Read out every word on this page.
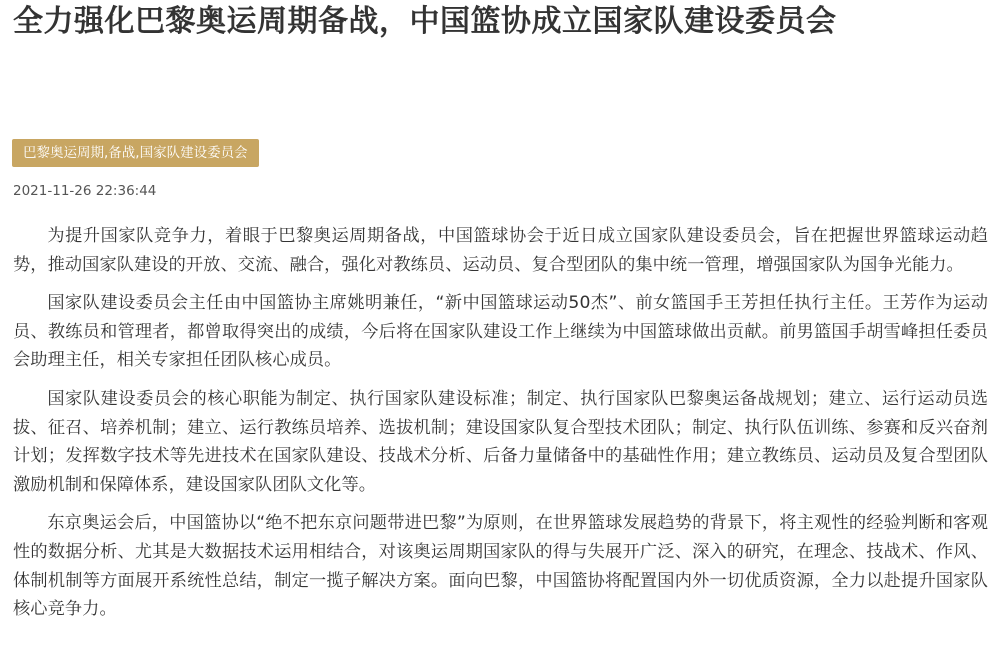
全力强化巴黎奥运周期备战，中国篮协成立国家队建设委员会
巴黎奥运周期,备战,国家队建设委员会
2021-11-26 22:36:44

为提升国家队竞争力，着眼于巴黎奥运周期备战，中国篮球协会于近日成立国家队建设委员会，旨在把握世界篮球运动趋势，推动国家队建设的开放、交流、融合，强化对教练员、运动员、复合型团队的集中统一管理，增强国家队为国争光能力。

国家队建设委员会主任由中国篮协主席姚明兼任，“新中国篮球运动50杰”、前女篮国手王芳担任执行主任。王芳作为运动员、教练员和管理者，都曾取得突出的成绩，今后将在国家队建设工作上继续为中国篮球做出贡献。前男篮国手胡雪峰担任委员会助理主任，相关专家担任团队核心成员。

国家队建设委员会的核心职能为制定、执行国家队建设标准；制定、执行国家队巴黎奥运备战规划；建立、运行运动员选拔、征召、培养机制；建立、运行教练员培养、选拔机制；建设国家队复合型技术团队；制定、执行队伍训练、参赛和反兴奋剂计划；发挥数字技术等先进技术在国家队建设、技战术分析、后备力量储备中的基础性作用；建立教练员、运动员及复合型团队激励机制和保障体系，建设国家队团队文化等。

东京奥运会后，中国篮协以“绝不把东京问题带进巴黎”为原则，在世界篮球发展趋势的背景下，将主观性的经验判断和客观性的数据分析、尤其是大数据技术运用相结合，对该奥运周期国家队的得与失展开广泛、深入的研究，在理念、技战术、作风、体制机制等方面展开系统性总结，制定一揽子解决方案。面向巴黎，中国篮协将配置国内外一切优质资源，全力以赴提升国家队核心竞争力。
